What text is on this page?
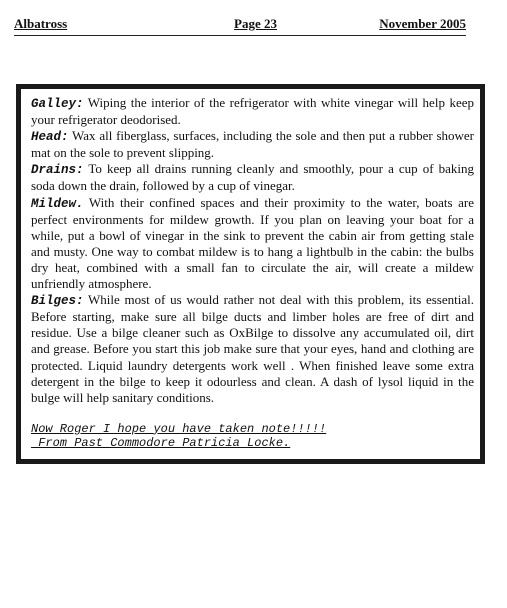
Albatross	Page 23	November 2005

Galley: Wiping the interior of the refrigerator with white vinegar will help keep your refrigerator deodorised.

Head: Wax all fiberglass, surfaces, including the sole and then put a rubber shower mat on the sole to prevent slipping.

Drains: To keep all drains running cleanly and smoothly, pour a cup of baking soda down the drain, followed by a cup of vinegar.

Mildew. With their confined spaces and their proximity to the water, boats are perfect environments for mildew growth. If you plan on leaving your boat for a while, put a bowl of vinegar in the sink to prevent the cabin air from getting stale and musty. One way to combat mildew is to hang a lightbulb in the cabin: the bulbs dry heat, combined with a small fan to circulate the air, will create a mildew unfriendly atmosphere.

Bilges: While most of us would rather not deal with this problem, its essential. Before starting, make sure all bilge ducts and limber holes are free of dirt and residue. Use a bilge cleaner such as OxBilge to dissolve any accumulated oil, dirt and grease. Before you start this job make sure that your eyes, hand and clothing are protected. Liquid laundry detergents work well . When finished leave some extra detergent in the bilge to keep it odourless and clean. A dash of lysol liquid in the bulge will help sanitary conditions.

Now Roger I hope you have taken note!!!!!
From Past Commodore Patricia Locke.
